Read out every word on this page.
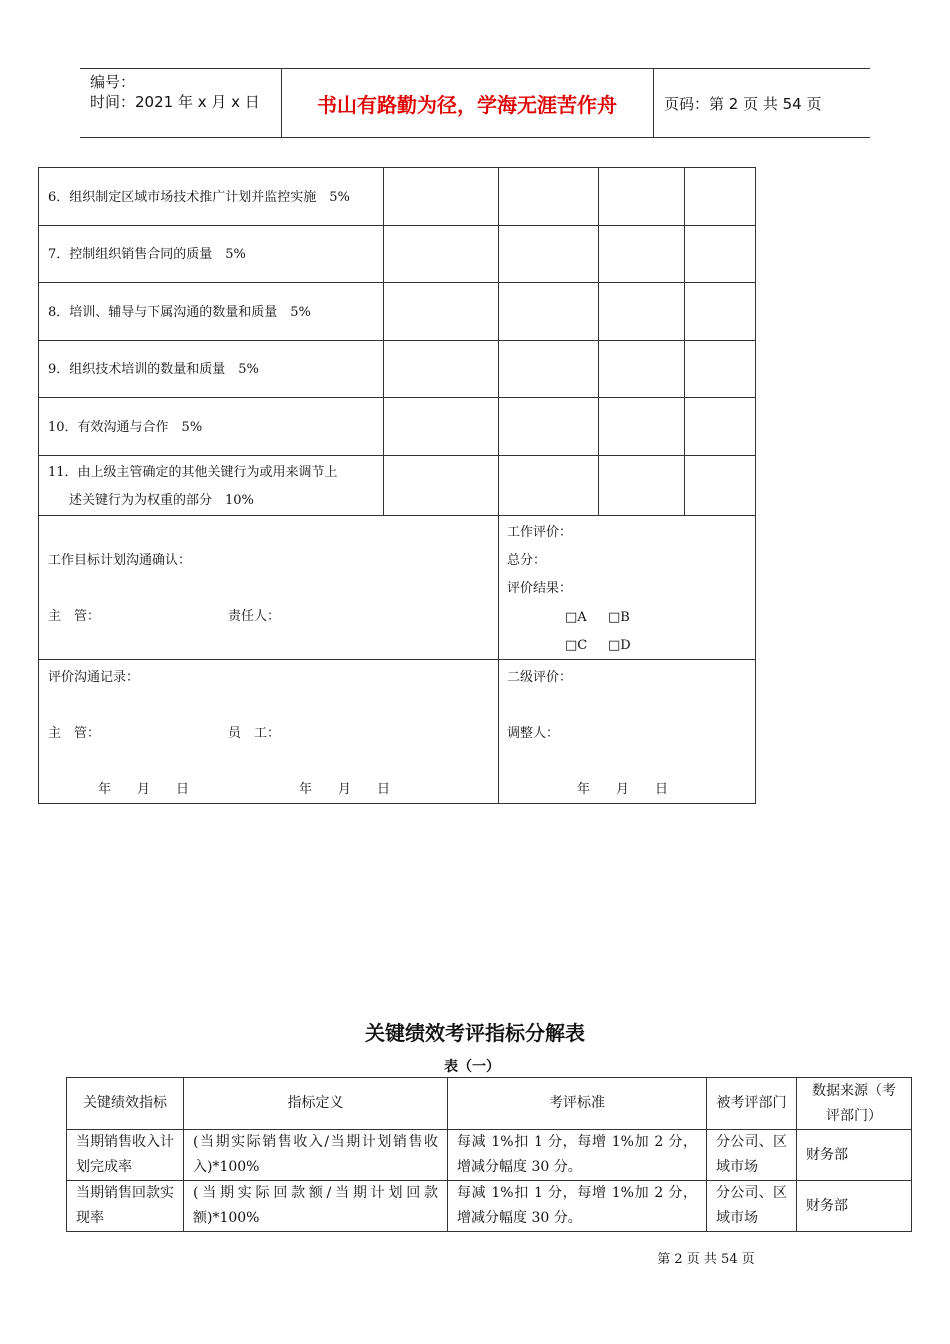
编号：
时间：2021 年 x 月 x 日	书山有路勤为径，学海无涯苦作舟	页码：第 2 页 共 54 页
6．组织制定区域市场技术推广计划并监控实施　5%
7．控制组织销售合同的质量　5%
8．培训、辅导与下属沟通的数量和质量　5%
9．组织技术培训的数量和质量　5%
10．有效沟通与合作　5%
11．由上级主管确定的其他关键行为或用来调节上
述关键行为为权重的部分　10%
工作目标计划沟通确认：
主　管：	责任人：
工作评价：
总分：
评价结果：
□A □B
□C □D
评价沟通记录：
主　管：	员　工：
年　　月　　日	年　　月　　日
二级评价：
调整人：
年　　月　　日
关键绩效考评指标分解表
表（一）
关键绩效指标	指标定义	考评标准	被考评部门	数据来源（考评部门）
当期销售收入计划完成率	(当期实际销售收入/当期计划销售收入)*100%	每减 1%扣 1 分，每增 1%加 2 分，增减分幅度 30 分。	分公司、区域市场	财务部
当期销售回款实现率	(当期实际回款额/当期计划回款额)*100%	每减 1%扣 1 分，每增 1%加 2 分，增减分幅度 30 分。	分公司、区域市场	财务部
第 2 页 共 54 页
